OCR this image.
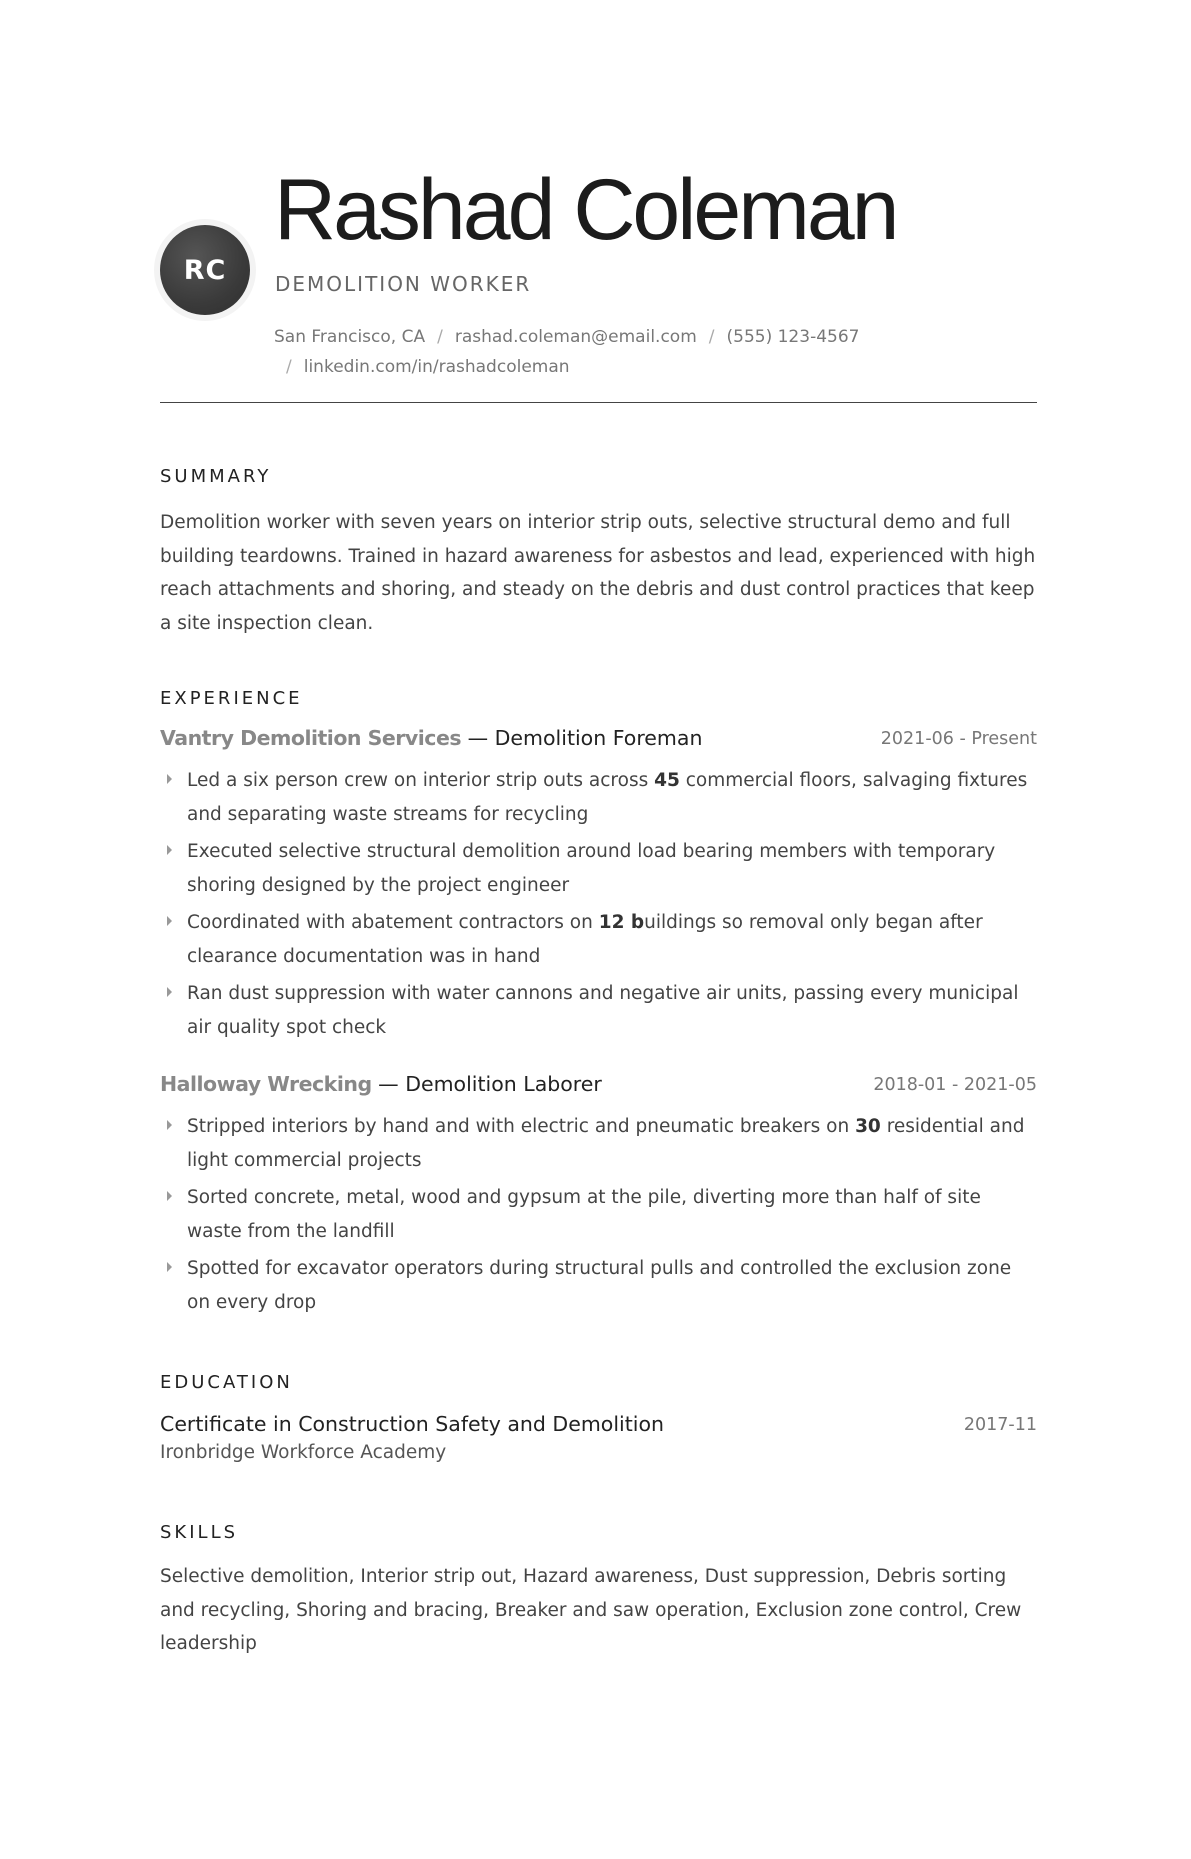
RC
Rashad Coleman
DEMOLITION WORKER
San Francisco, CA / rashad.coleman@email.com / (555) 123-4567
/ linkedin.com/in/rashadcoleman
SUMMARY

Demolition worker with seven years on interior strip outs, selective structural demo and full building teardowns. Trained in hazard awareness for asbestos and lead, experienced with high reach attachments and shoring, and steady on the debris and dust control practices that keep a site inspection clean.

EXPERIENCE
Vantry Demolition Services — Demolition Foreman	2021-06 - Present
Led a six person crew on interior strip outs across 45 commercial floors, salvaging fixtures and separating waste streams for recycling
Executed selective structural demolition around load bearing members with temporary shoring designed by the project engineer
Coordinated with abatement contractors on 12 buildings so removal only began after clearance documentation was in hand
Ran dust suppression with water cannons and negative air units, passing every municipal air quality spot check
Halloway Wrecking — Demolition Laborer	2018-01 - 2021-05
Stripped interiors by hand and with electric and pneumatic breakers on 30 residential and light commercial projects
Sorted concrete, metal, wood and gypsum at the pile, diverting more than half of site waste from the landfill
Spotted for excavator operators during structural pulls and controlled the exclusion zone on every drop
EDUCATION
Certificate in Construction Safety and Demolition	2017-11
Ironbridge Workforce Academy
SKILLS

Selective demolition, Interior strip out, Hazard awareness, Dust suppression, Debris sorting and recycling, Shoring and bracing, Breaker and saw operation, Exclusion zone control, Crew leadership
